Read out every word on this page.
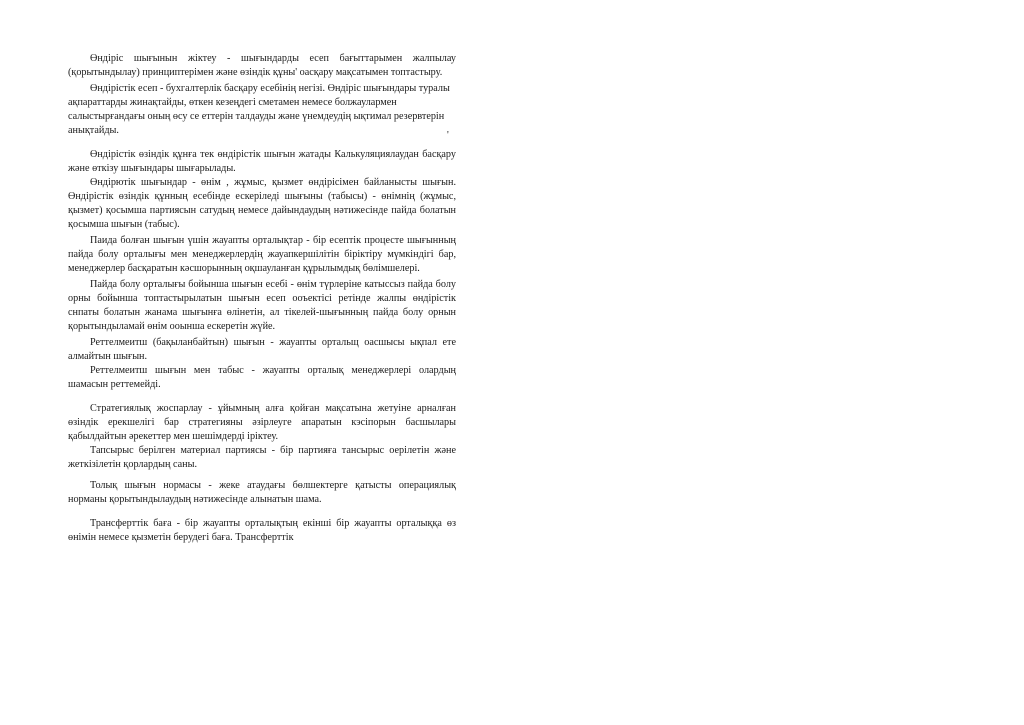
Өндіріс шығынын жіктеу - шығындарды есеп бағыттарымен жалпылау (қорытындылау) принциптерімен және өзіндік құны' оасқару мақсатымен топтастыру.

Өндірістік есеп - бухгалтерлік басқару есебінің негізі. Өндіріс шығындары туралы ақпараттарды жинақтайды, өткен кезеңдегі сметамен немесе болжаулармен салыстырғандағы оның өсу се еттерін талдауды және үнемдеудің ықтимал резервтерін анықтайды.

Өндірістік өзіндік құнға тек өндірістік шығын жатады Калькуляциялаудан басқару және өткізу шығындары шығарылады.

Өндірютік шығындар - өнім , жұмыс, қызмет өндірісімен байланысты шығын. Өндірістік өзіндік құнның есебінде ескеріледі шығыны (табысы) - өнімнің (жұмыс, қызмет) қосымша партиясын сатудың немесе дайындаудың нәтижесінде пайда болатын қосымша шығын (табыс).

Паида болған шығын үшін жауапты орталықтар - бір есептік процесте шығынның пайда болу орталығы мен менеджерлердің жауапкершілітін біріктіру мүмкіндігі бар, менеджерлер басқаратын кәсшорынның оқшауланған құрылымдық бөлімшелері.

Пайда болу орталығы бойынша шығын есебі - өнім түрлеріне катыссыз пайда болу орны бойынша топтастырылатын шығын есеп ооъектісі ретінде жалпы өндірістік снпаты болатын жанама шығынға өлінетін, ал тікелей-шығынның пайда болу орнын қорытындыламай өнім ооынша ескеретін жүйе.

Реттелмеитш (бақыланбайтын) шығын - жауапты ортальщ оасшысы ықпал ете алмайтын шығын.

Реттелмеитш шығын мен табыс - жауапты орталық менеджерлері олардың шамасын реттемейді.

Стратегиялық жоспарлау - ұйымның алға қойған мақсатына жетуіне арналған өзіндік ерекшелігі бар стратегияны әзірлеуге апаратын кэсіпорын басшылары қабылдайтын әрекеттер мен шешімдерді іріктеу.

Тапсырыс берілген материал партиясы - бір партияға тансырыс оерілетін және жеткізілетін қорлардың саны.

Толық шығын нормасы - жеке атаудағы бөлшектерге қатысты операциялық норманы қорытындылаудың нәтижесінде алынатын шама.

Трансферттік баға - бір жауапты орталықтың екінші бір жауапты орталыққа өз өнімін немесе қызметін берудегі баға. Трансферттік

'
